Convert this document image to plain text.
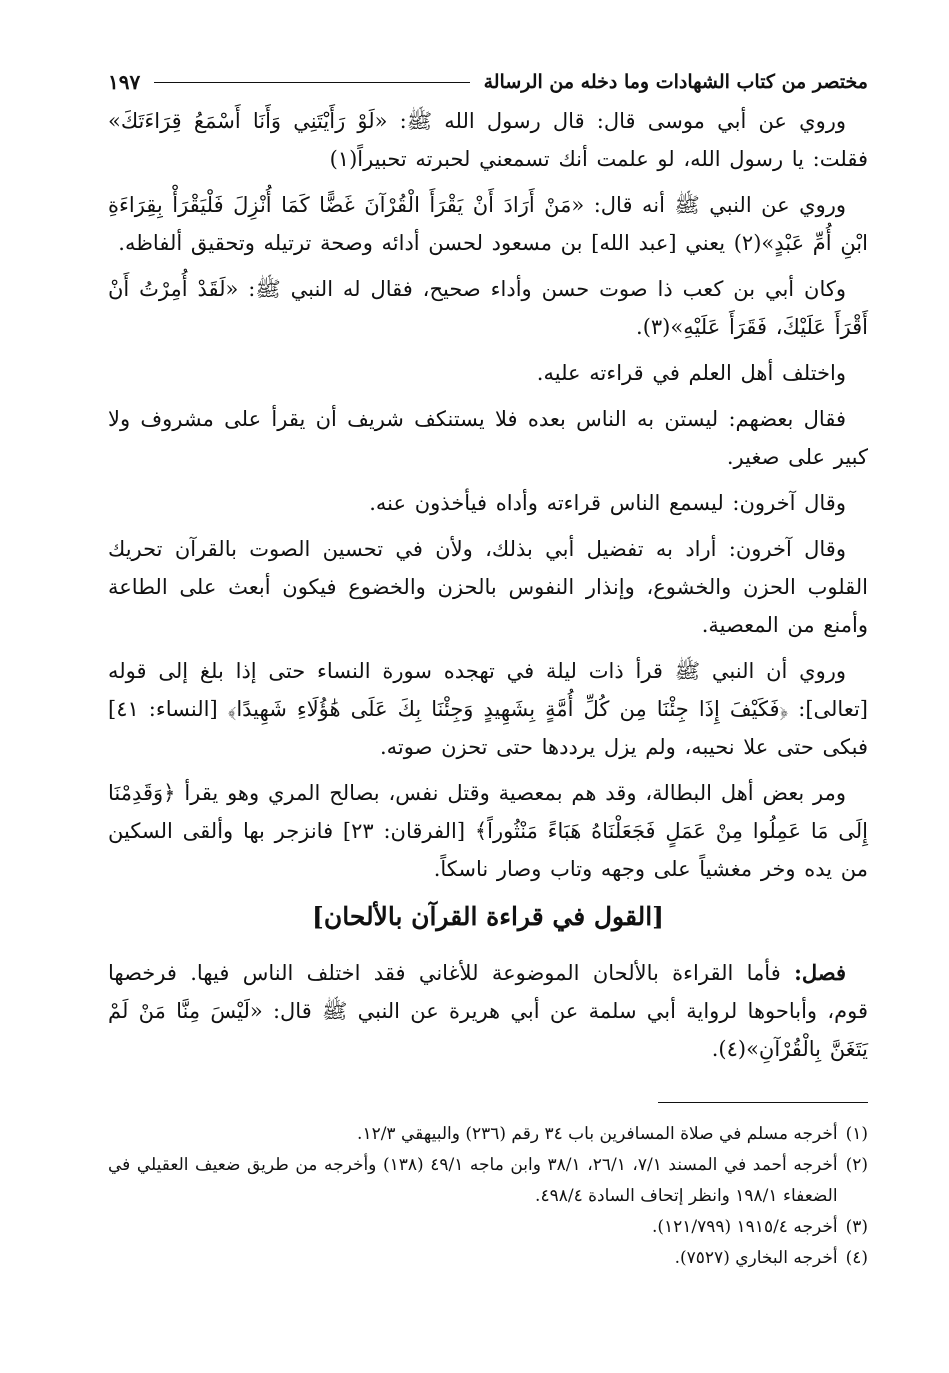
مختصر من كتاب الشهادات وما دخله من الرسالة
١٩٧

وروي عن أبي موسى قال: قال رسول الله ﷺ: «لَوْ رَأَيْتَنِي وَأَنَا أَسْمَعُ قِرَاءَتَكَ» فقلت: يا رسول الله، لو علمت أنك تسمعني لحبرته تحبيراً(١)

وروي عن النبي ﷺ أنه قال: «مَنْ أَرَادَ أَنْ يَقْرَأَ الْقُرْآنَ غَضًّا كَمَا أُنْزِلَ فَلْيَقْرَأْ بِقِرَاءَةِ ابْنِ أُمِّ عَبْدٍ»(٢) يعني [عبد الله] بن مسعود لحسن أدائه وصحة ترتيله وتحقيق ألفاظه.

وكان أبي بن كعب ذا صوت حسن وأداء صحيح، فقال له النبي ﷺ: «لَقَدْ أُمِرْتُ أَنْ أَقْرَأَ عَلَيْكَ، فَقَرَأَ عَلَيْهِ»(٣).

واختلف أهل العلم في قراءته عليه.

فقال بعضهم: ليستن به الناس بعده فلا يستنكف شريف أن يقرأ على مشروف ولا كبير على صغير.

وقال آخرون: ليسمع الناس قراءته وأداه فيأخذون عنه.

وقال آخرون: أراد به تفضيل أبي بذلك، ولأن في تحسين الصوت بالقرآن تحريك القلوب الحزن والخشوع، وإنذار النفوس بالحزن والخضوع فيكون أبعث على الطاعة وأمنع من المعصية.

وروي أن النبي ﷺ قرأ ذات ليلة في تهجده سورة النساء حتى إذا بلغ إلى قوله [تعالى]: ﴿فَكَيْفَ إِذَا جِئْنَا مِن كُلِّ أُمَّةٍ بِشَهِيدٍ وَجِئْنَا بِكَ عَلَى هَٰؤُلَاءِ شَهِيدًا﴾ [النساء: ٤١] فبكى حتى علا نحيبه، ولم يزل يرددها حتى تحزن صوته.

ومر بعض أهل البطالة، وقد هم بمعصية وقتل نفس، بصالح المري وهو يقرأ ﴿وَقَدِمْنَا إِلَى مَا عَمِلُوا مِنْ عَمَلٍ فَجَعَلْنَاهُ هَبَاءً مَنْثُوراً﴾ [الفرقان: ٢٣] فانزجر بها وألقى السكين من يده وخر مغشياً على وجهه وتاب وصار ناسكاً.

[القول في قراءة القرآن بالألحان]

فصل: فأما القراءة بالألحان الموضوعة للأغاني فقد اختلف الناس فيها. فرخصها قوم، وأباحوها لرواية أبي سلمة عن أبي هريرة عن النبي ﷺ قال: «لَيْسَ مِنَّا مَنْ لَمْ يَتَغَنَّ بِالْقُرْآنِ»(٤).

(١)
أخرجه مسلم في صلاة المسافرين باب ٣٤ رقم (٢٣٦) والبيهقي ١٢/٣.
(٢)
أخرجه أحمد في المسند ٧/١، ٢٦/١، ٣٨/١ وابن ماجه ٤٩/١ (١٣٨) وأخرجه من طريق ضعيف العقيلي في الضعفاء ١٩٨/١ وانظر إتحاف السادة ٤٩٨/٤.
(٣)
أخرجه ١٩١٥/٤ (١٢١/٧٩٩).
(٤)
أخرجه البخاري (٧٥٢٧).
